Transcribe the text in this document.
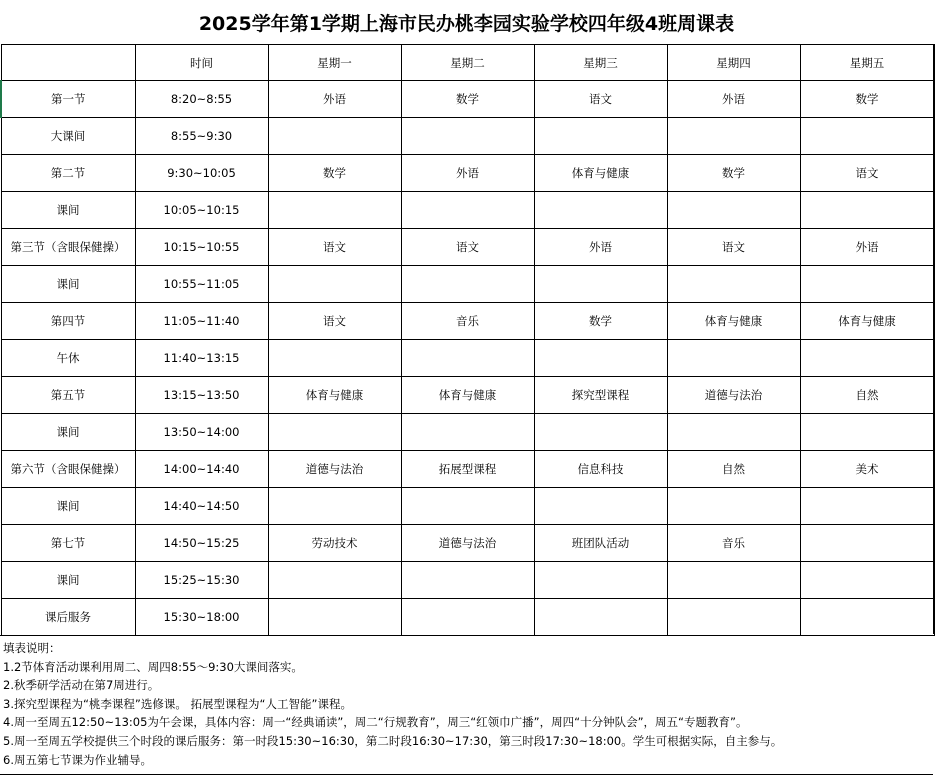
2025学年第1学期上海市民办桃李园实验学校四年级4班周课表
	时间	星期一	星期二	星期三	星期四	星期五
第一节	8:20~8:55	外语	数学	语文	外语	数学
大课间	8:55~9:30					
第二节	9:30~10:05	数学	外语	体育与健康	数学	语文
课间	10:05~10:15					
第三节（含眼保健操）	10:15~10:55	语文	语文	外语	语文	外语
课间	10:55~11:05					
第四节	11:05~11:40	语文	音乐	数学	体育与健康	体育与健康
午休	11:40~13:15					
第五节	13:15~13:50	体育与健康	体育与健康	探究型课程	道德与法治	自然
课间	13:50~14:00					
第六节（含眼保健操）	14:00~14:40	道德与法治	拓展型课程	信息科技	自然	美术
课间	14:40~14:50					
第七节	14:50~15:25	劳动技术	道德与法治	班团队活动	音乐	
课间	15:25~15:30					
课后服务	15:30~18:00					
填表说明：
1.2节体育活动课利用周二、周四8:55～9:30大课间落实。
2.秋季研学活动在第7周进行。
3.探究型课程为“桃李课程”选修课。 拓展型课程为“人工智能”课程。
4.周一至周五12:50~13:05为午会课，具体内容：周一“经典诵读”，周二“行规教育”，周三“红领巾广播”，周四“十分钟队会”，周五“专题教育”。
5.周一至周五学校提供三个时段的课后服务：第一时段15:30~16:30，第二时段16:30~17:30，第三时段17:30~18:00。学生可根据实际，自主参与。
6.周五第七节课为作业辅导。
